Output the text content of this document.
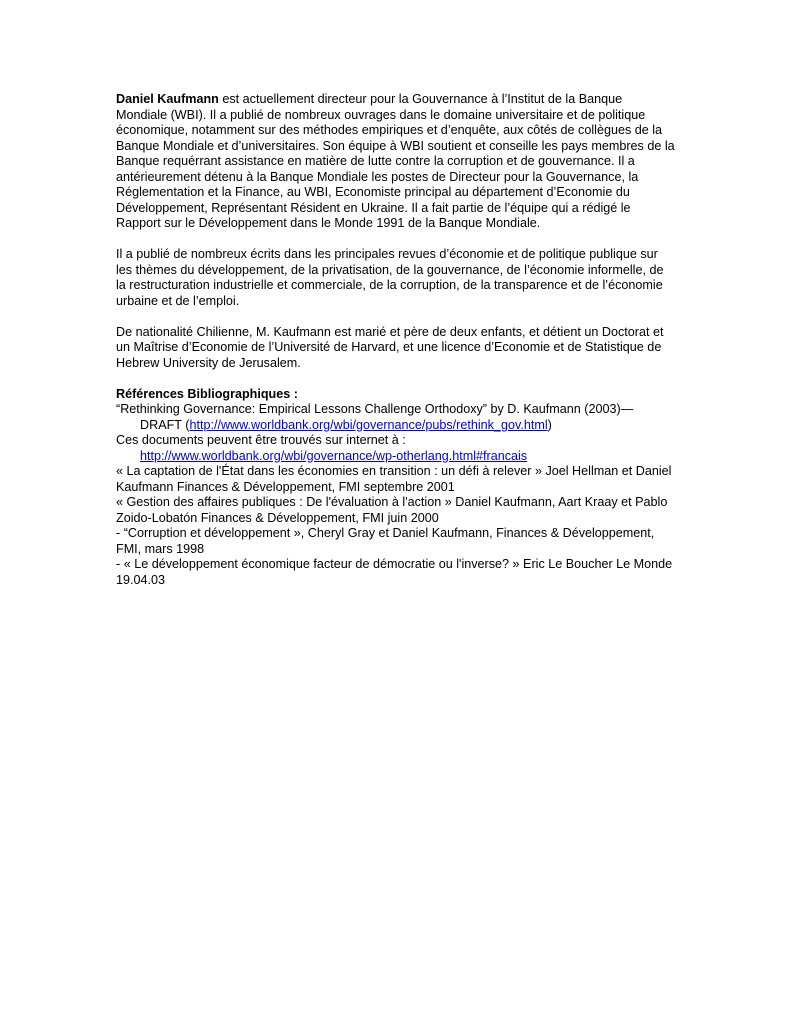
Daniel Kaufmann est actuellement directeur pour la Gouvernance à l’Institut de la Banque Mondiale (WBI). Il a publié de nombreux ouvrages dans le domaine universitaire et de politique économique, notamment sur des méthodes empiriques et d’enquête, aux côtés de collègues de la Banque Mondiale et d’universitaires. Son équipe à WBI soutient et conseille les pays membres de la Banque requérrant assistance en matière de lutte contre la corruption et de gouvernance. Il a antérieurement détenu à la Banque Mondiale les postes de Directeur pour la Gouvernance, la Réglementation et la Finance, au WBI, Economiste principal au département d’Economie du Développement, Représentant Résident en Ukraine. Il a fait partie de l’équipe qui a rédigé le Rapport sur le Développement dans le Monde 1991 de la Banque Mondiale.

Il a publié de nombreux écrits dans les principales revues d’économie et de politique publique sur les thèmes du développement, de la privatisation, de la gouvernance, de l’économie informelle, de la restructuration industrielle et commerciale, de la corruption, de la transparence et de l’économie urbaine et de l’emploi.

De nationalité Chilienne, M. Kaufmann est marié et père de deux enfants, et détient un Doctorat et un Maîtrise d’Economie de l’Université de Harvard, et une licence d’Economie et de Statistique de Hebrew University de Jerusalem.

Références Bibliographiques :

“Rethinking Governance: Empirical Lessons Challenge Orthodoxy” by D. Kaufmann (2003)—

DRAFT (http://www.worldbank.org/wbi/governance/pubs/rethink_gov.html)

Ces documents peuvent être trouvés sur internet à :

http://www.worldbank.org/wbi/governance/wp-otherlang.html#francais

« La captation de l'État dans les économies en transition : un défi à relever » Joel Hellman et Daniel Kaufmann Finances & Développement, FMI septembre 2001

« Gestion des affaires publiques : De l'évaluation à l'action » Daniel Kaufmann, Aart Kraay et Pablo Zoido-Lobatón Finances & Développement, FMI juin 2000

- “Corruption et développement », Cheryl Gray et Daniel Kaufmann, Finances & Développement, FMI, mars 1998

- « Le développement économique facteur de démocratie ou l'inverse? » Eric Le Boucher Le Monde 19.04.03
